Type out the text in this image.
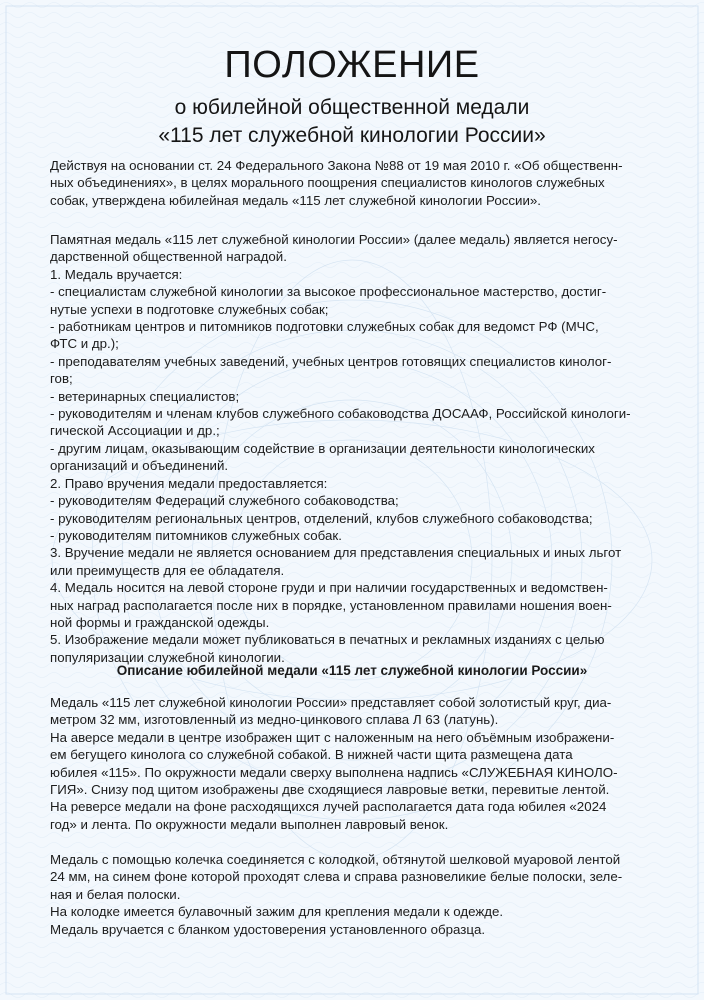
ПОЛОЖЕНИЕ

о юбилейной общественной медали

«115 лет служебной кинологии России»

Действуя на основании ст. 24 Федерального Закона №88 от 19 мая 2010 г. «Об общественн-
ных объединениях», в целях морального поощрения специалистов кинологов служебных
собак, утверждена юбилейная медаль «115 лет служебной кинологии России».

Памятная медаль «115 лет служебной кинологии России» (далее медаль) является негосу-
дарственной общественной наградой.
1. Медаль вручается:
- специалистам служебной кинологии за высокое профессиональное мастерство, достиг-
нутые успехи в подготовке служебных собак;
- работникам центров и питомников подготовки служебных собак для ведомст РФ (МЧС,
ФТС и др.);
- преподавателям учебных заведений, учебных центров готовящих специалистов кинолог-
гов;
- ветеринарных специалистов;
- руководителям и членам клубов служебного собаководства ДОСААФ, Российской кинологи-
гической Ассоциации и др.;
- другим лицам, оказывающим содействие в организации деятельности кинологических
организаций и объединений.
2. Право вручения медали предоставляется:
- руководителям Федераций служебного собаководства;
- руководителям региональных центров, отделений, клубов служебного собаководства;
- руководителям питомников служебных собак.
3. Вручение медали не является основанием для представления специальных и иных льгот
или преимуществ для ее обладателя.
4. Медаль носится на левой стороне груди и при наличии государственных и ведомствен-
ных наград располагается после них в порядке, установленном правилами ношения воен-
ной формы и гражданской одежды.
5. Изображение медали может публиковаться в печатных и рекламных изданиях с целью
популяризации служебной кинологии.

Описание юбилейной медали «115 лет служебной кинологии России»

Медаль «115 лет служебной кинологии России» представляет собой золотистый круг, диа-
метром 32 мм, изготовленный из медно-цинкового сплава Л 63 (латунь).
На аверсе медали в центре изображен щит с наложенным на него объёмным изображени-
ем бегущего кинолога со служебной собакой. В нижней части щита размещена дата
юбилея «115». По окружности медали сверху выполнена надпись «СЛУЖЕБНАЯ КИНОЛО-
ГИЯ». Снизу под щитом изображены две сходящиеся лавровые ветки, перевитые лентой.
На реверсе медали на фоне расходящихся лучей располагается дата года юбилея «2024
год» и лента. По окружности медали выполнен лавровый венок.

Медаль с помощью колечка соединяется с колодкой, обтянутой шелковой муаровой лентой
24 мм, на синем фоне которой проходят слева и справа разновеликие белые полоски, зеле-
ная и белая полоски.
На колодке имеется булавочный зажим для крепления медали к одежде.
Медаль вручается с бланком удостоверения установленного образца.
